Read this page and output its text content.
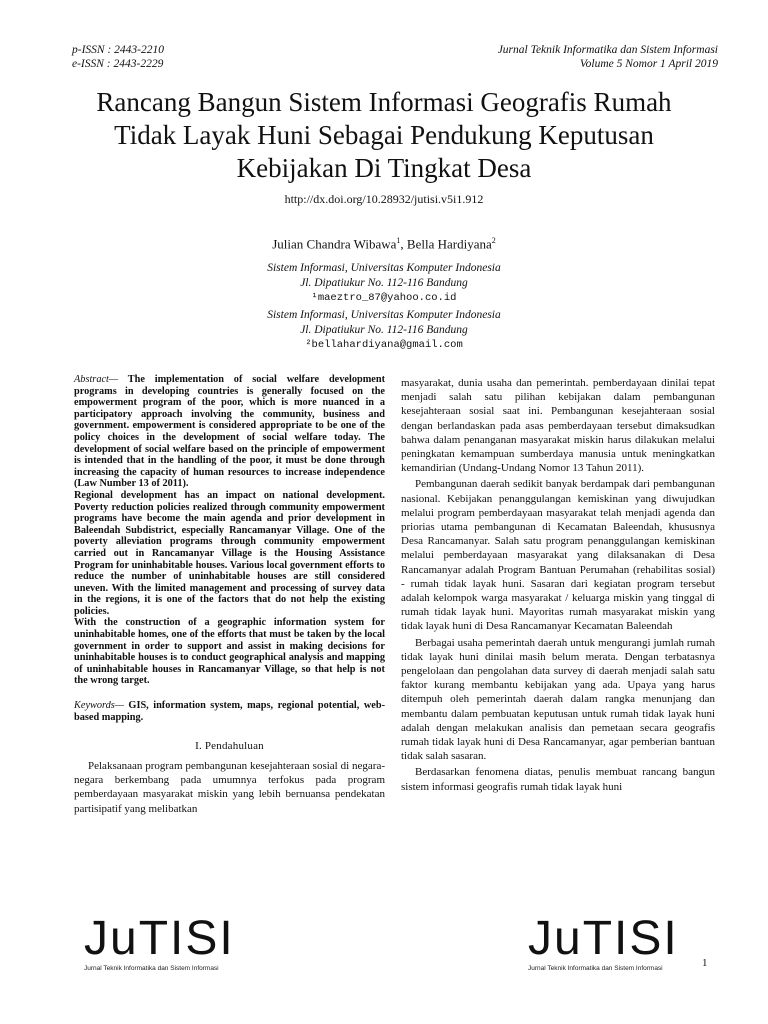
p-ISSN : 2443-2210
e-ISSN : 2443-2229
Jurnal Teknik Informatika dan Sistem Informasi
Volume 5 Nomor 1 April 2019
Rancang Bangun Sistem Informasi Geografis Rumah
Tidak Layak Huni Sebagai Pendukung Keputusan
Kebijakan Di Tingkat Desa
http://dx.doi.org/10.28932/jutisi.v5i1.912
Julian Chandra Wibawa$^1$, Bella Hardiyana$^2$
Sistem Informasi, Universitas Komputer Indonesia
Jl. Dipatiukur No. 112-116 Bandung
¹maeztro_87@yahoo.co.id
Sistem Informasi, Universitas Komputer Indonesia
Jl. Dipatiukur No. 112-116 Bandung
²bellahardiyana@gmail.com

Abstract— The implementation of social welfare development programs in developing countries is generally focused on the empowerment program of the poor, which is more nuanced in a participatory approach involving the community, business and government. empowerment is considered appropriate to be one of the policy choices in the development of social welfare today. The development of social welfare based on the principle of empowerment is intended that in the handling of the poor, it must be done through increasing the capacity of human resources to increase independence (Law Number 13 of 2011).

Regional development has an impact on national development. Poverty reduction policies realized through community empowerment programs have become the main agenda and prior development in Baleendah Subdistrict, especially Rancamanyar Village. One of the poverty alleviation programs through community empowerment carried out in Rancamanyar Village is the Housing Assistance Program for uninhabitable houses. Various local government efforts to reduce the number of uninhabitable houses are still considered uneven. With the limited management and processing of survey data in the regions, it is one of the factors that do not help the existing policies.

With the construction of a geographic information system for uninhabitable homes, one of the efforts that must be taken by the local government in order to support and assist in making decisions for uninhabitable houses is to conduct geographical analysis and mapping of uninhabitable houses in Rancamanyar Village, so that help is not the wrong target.

Keywords— GIS, information system, maps, regional potential, web-based mapping.

I. Pendahuluan

Pelaksanaan program pembangunan kesejahteraan sosial di negara-negara berkembang pada umumnya terfokus pada program pemberdayaan masyarakat miskin yang lebih bernuansa pendekatan partisipatif yang melibatkan

masyarakat, dunia usaha dan pemerintah. pemberdayaan dinilai tepat menjadi salah satu pilihan kebijakan dalam pembangunan kesejahteraan sosial saat ini. Pembangunan kesejahteraan sosial dengan berlandaskan pada asas pemberdayaan tersebut dimaksudkan bahwa dalam penanganan masyarakat miskin harus dilakukan melalui peningkatan kemampuan sumberdaya manusia untuk meningkatkan kemandirian (Undang-Undang Nomor 13 Tahun 2011).

Pembangunan daerah sedikit banyak berdampak dari pembangunan nasional. Kebijakan penanggulangan kemiskinan yang diwujudkan melalui program pemberdayaan masyarakat telah menjadi agenda dan priorias utama pembangunan di Kecamatan Baleendah, khususnya Desa Rancamanyar. Salah satu program penanggulangan kemiskinan melalui pemberdayaan masyarakat yang dilaksanakan di Desa Rancamanyar adalah Program Bantuan Perumahan (rehabilitas sosial) - rumah tidak layak huni. Sasaran dari kegiatan program tersebut adalah kelompok warga masyarakat / keluarga miskin yang tinggal di rumah tidak layak huni. Mayoritas rumah masyarakat miskin yang tidak layak huni di Desa Rancamanyar Kecamatan Baleendah

Berbagai usaha pemerintah daerah untuk mengurangi jumlah rumah tidak layak huni dinilai masih belum merata. Dengan terbatasnya pengelolaan dan pengolahan data survey di daerah menjadi salah satu faktor kurang membantu kebijakan yang ada. Upaya yang harus ditempuh oleh pemerintah daerah dalam rangka menunjang dan membantu dalam pembuatan keputusan untuk rumah tidak layak huni adalah dengan melakukan analisis dan pemetaan secara geografis rumah tidak layak huni di Desa Rancamanyar, agar pemberian bantuan tidak salah sasaran.

Berdasarkan fenomena diatas, penulis membuat rancang bangun sistem informasi geografis rumah tidak layak huni

JuTISI
Jurnal Teknik Informatika dan Sistem Informasi
JuTISI
Jurnal Teknik Informatika dan Sistem Informasi	1
